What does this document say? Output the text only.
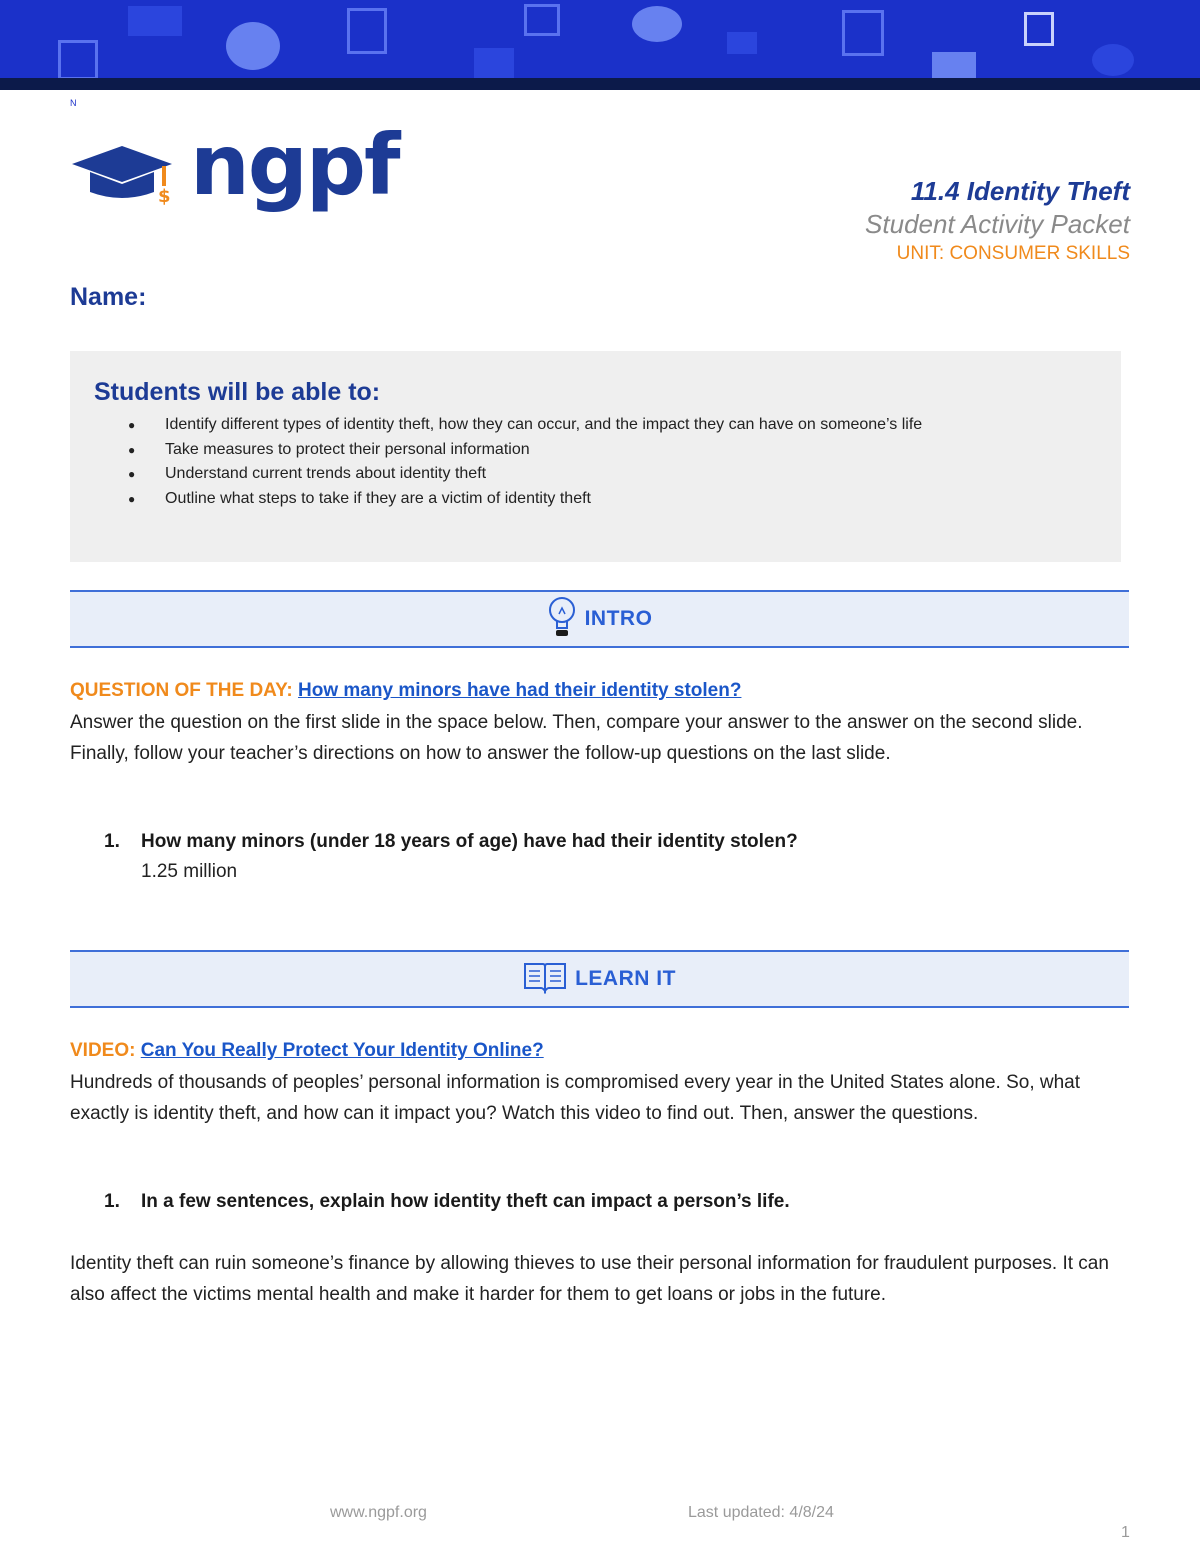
N
$ ngpf	11.4 Identity Theft
Student Activity Packet
UNIT: CONSUMER SKILLS
Name:
Students will be able to:
● Identify different types of identity theft, how they can occur, and the impact they can have on someone’s life
● Take measures to protect their personal information
● Understand current trends about identity theft
● Outline what steps to take if they are a victim of identity theft
INTRO
QUESTION OF THE DAY: How many minors have had their identity stolen?
Answer the question on the first slide in the space below. Then, compare your answer to the answer on the second slide. Finally, follow your teacher’s directions on how to answer the follow-up questions on the last slide.
1. How many minors (under 18 years of age) have had their identity stolen?
1.25 million
LEARN IT
VIDEO: Can You Really Protect Your Identity Online?
Hundreds of thousands of peoples’ personal information is compromised every year in the United States alone. So, what exactly is identity theft, and how can it impact you? Watch this video to find out. Then, answer the questions.
1. In a few sentences, explain how identity theft can impact a person’s life.
Identity theft can ruin someone’s finance by allowing thieves to use their personal information for fraudulent purposes. It can also affect the victims mental health and make it harder for them to get loans or jobs in the future.
www.ngpf.org	Last updated: 4/8/24
1
